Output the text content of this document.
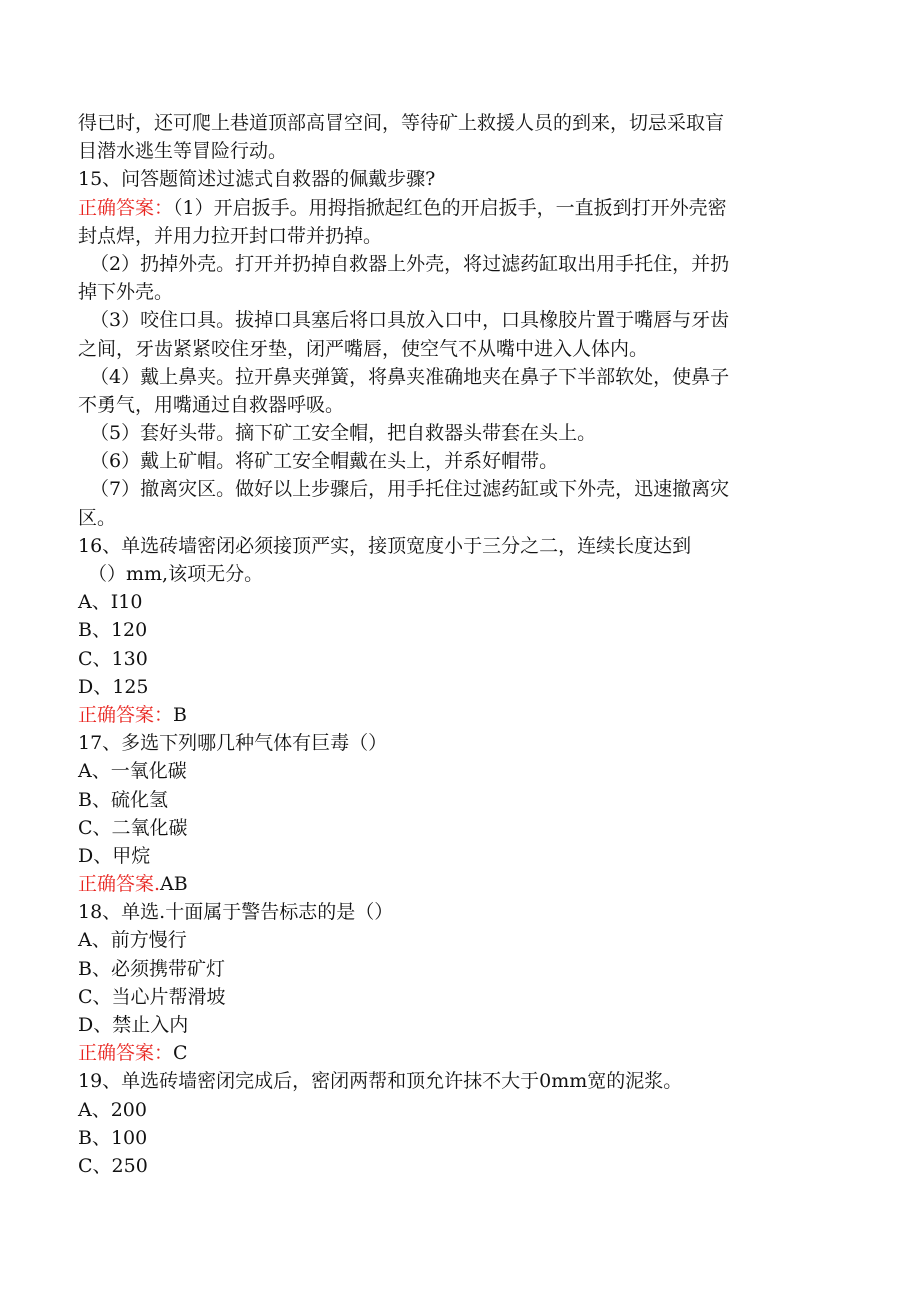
得已时，还可爬上巷道顶部高冒空间，等待矿上救援人员的到来，切忌采取盲
目潜水逃生等冒险行动。
15、问答题简述过滤式自救器的佩戴步骤?
正确答案：（1）开启扳手。用拇指掀起红色的开启扳手，一直扳到打开外壳密
封点焊，并用力拉开封口带并扔掉。
（2）扔掉外壳。打开并扔掉自救器上外壳，将过滤药缸取出用手托住，并扔
掉下外壳。
（3）咬住口具。拔掉口具塞后将口具放入口中，口具橡胶片置于嘴唇与牙齿
之间，牙齿紧紧咬住牙垫，闭严嘴唇，使空气不从嘴中进入人体内。
（4）戴上鼻夹。拉开鼻夹弹簧，将鼻夹准确地夹在鼻子下半部软处，使鼻子
不勇气，用嘴通过自救器呼吸。
（5）套好头带。摘下矿工安全帽，把自救器头带套在头上。
（6）戴上矿帽。将矿工安全帽戴在头上，并系好帽带。
（7）撤离灾区。做好以上步骤后，用手托住过滤药缸或下外壳，迅速撤离灾
区。
16、单选砖墙密闭必须接顶严实，接顶宽度小于三分之二，连续长度达到
（）mm,该项无分。
A、I10
B、120
C、130
D、125
正确答案：B
17、多选下列哪几种气体有巨毒（）
A、一氧化碳
B、硫化氢
C、二氧化碳
D、甲烷
正确答案.AB
18、单选.十面属于警告标志的是（）
A、前方慢行
B、必须携带矿灯
C、当心片帮滑坡
D、禁止入内
正确答案：C
19、单选砖墙密闭完成后，密闭两帮和顶允许抹不大于0mm宽的泥浆。
A、200
B、100
C、250
